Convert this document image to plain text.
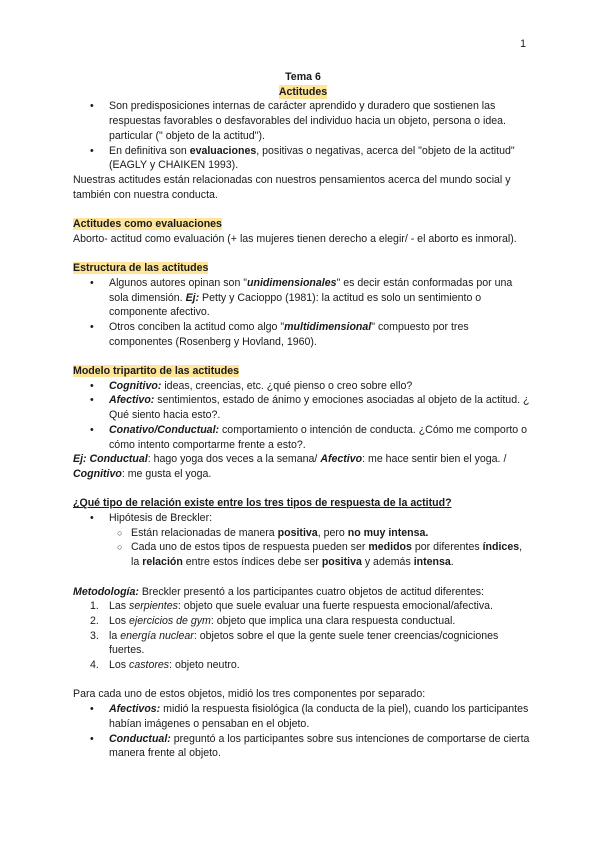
1
Tema 6
Actitudes
• Son predisposiciones internas de carácter aprendido y duradero que sostienen las respuestas favorables o desfavorables del individuo hacia un objeto, persona o idea. particular (" objeto de la actitud").
• En definitiva son evaluaciones, positivas o negativas, acerca del "objeto de la actitud" (EAGLY y CHAIKEN 1993).

Nuestras actitudes están relacionadas con nuestros pensamientos acerca del mundo social y también con nuestra conducta.

Actitudes como evaluaciones

Aborto- actitud como evaluación (+ las mujeres tienen derecho a elegir/ - el aborto es inmoral).

Estructura de las actitudes
• Algunos autores opinan son "unidimensionales" es decir están conformadas por una sola dimensión. Ej: Petty y Cacioppo (1981): la actitud es solo un sentimiento o componente afectivo.
• Otros conciben la actitud como algo "multidimensional" compuesto por tres componentes (Rosenberg y Hovland, 1960).
Modelo tripartito de las actitudes
• Cognitivo: ideas, creencias, etc. ¿qué pienso o creo sobre ello?
• Afectivo: sentimientos, estado de ánimo y emociones asociadas al objeto de la actitud. ¿ Qué siento hacia esto?.
• Conativo/Conductual: comportamiento o intención de conducta. ¿Cómo me comporto o cómo intento comportarme frente a esto?.

Ej: Conductual: hago yoga dos veces a la semana/ Afectivo: me hace sentir bien el yoga. / Cognitivo: me gusta el yoga.

¿Qué tipo de relación existe entre los tres tipos de respuesta de la actitud?
• Hipótesis de Breckler:
○ Están relacionadas de manera positiva, pero no muy intensa.
○ Cada uno de estos tipos de respuesta pueden ser medidos por diferentes índices, la relación entre estos índices debe ser positiva y además intensa.

Metodología: Breckler presentó a los participantes cuatro objetos de actitud diferentes:

1. Las serpientes: objeto que suele evaluar una fuerte respuesta emocional/afectiva.
2. Los ejercicios de gym: objeto que implica una clara respuesta conductual.
3. la energía nuclear: objetos sobre el que la gente suele tener creencias/cogniciones fuertes.
4. Los castores: objeto neutro.

Para cada uno de estos objetos, midió los tres componentes por separado:

• Afectivos: midió la respuesta fisiológica (la conducta de la piel), cuando los participantes habían imágenes o pensaban en el objeto.
• Conductual: preguntó a los participantes sobre sus intenciones de comportarse de cierta manera frente al objeto.
